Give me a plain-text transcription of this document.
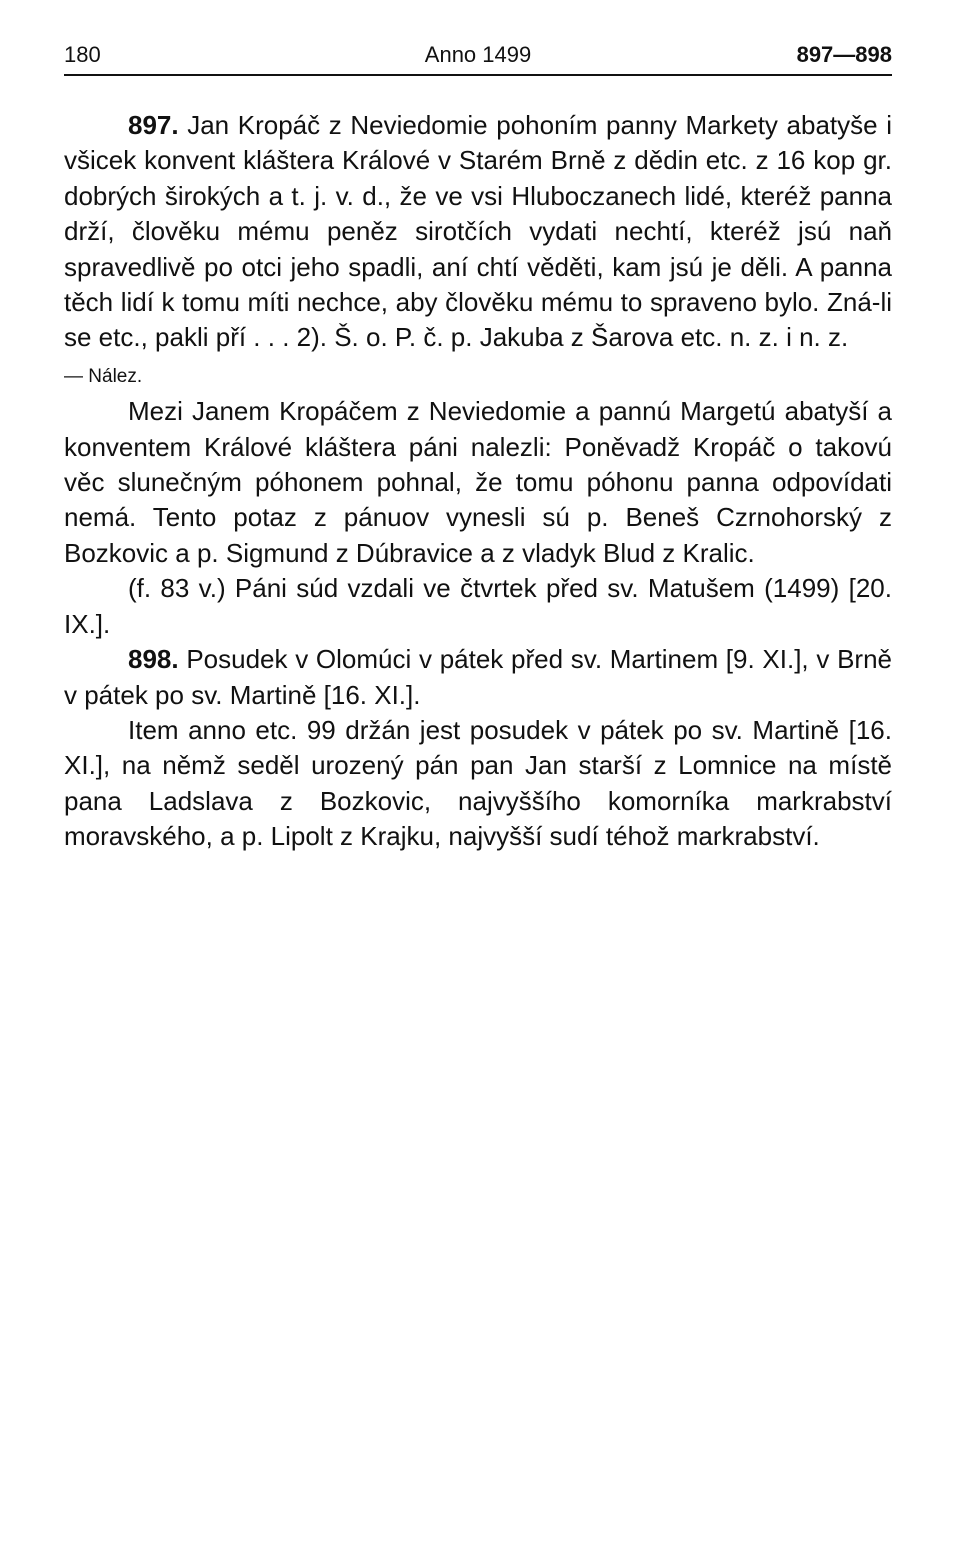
180	Anno 1499	897—898

897. Jan Kropáč z Neviedomie pohoním panny Markety abatyše i všicek konvent kláštera Králové v Starém Brně z dědin etc. z 16 kop gr. dobrých širokých a t. j. v. d., že ve vsi Hluboczanech lidé, kteréž panna drží, člověku mému peněz sirotčích vydati nechtí, kteréž jsú naň spravedlivě po otci jeho spadli, aní chtí věděti, kam jsú je děli. A panna těch lidí k tomu míti nechce, aby člověku mému to spraveno bylo. Zná-li se etc., pakli pří . . . 2). Š. o. P. č. p. Jakuba z Šarova etc. n. z. i n. z.

— Nález.

Mezi Janem Kropáčem z Neviedomie a pannú Margetú abatyší a konventem Králové kláštera páni nalezli: Poněvadž Kropáč o takovú věc slunečným póhonem pohnal, že tomu póhonu panna odpovídati nemá. Tento potaz z pánuov vynesli sú p. Beneš Czrnohorský z Bozkovic a p. Sigmund z Dúbravice a z vladyk Blud z Kralic.

(f. 83 v.) Páni súd vzdali ve čtvrtek před sv. Matušem (1499) [20. IX.].

898. Posudek v Olomúci v pátek před sv. Martinem [9. XI.], v Brně v pátek po sv. Martině [16. XI.].

Item anno etc. 99 držán jest posudek v pátek po sv. Martině [16. XI.], na němž seděl urozený pán pan Jan starší z Lomnice na místě pana Ladslava z Bozkovic, najvyššího komorníka markrabství moravského, a p. Lipolt z Krajku, najvyšší sudí téhož markrabství.
